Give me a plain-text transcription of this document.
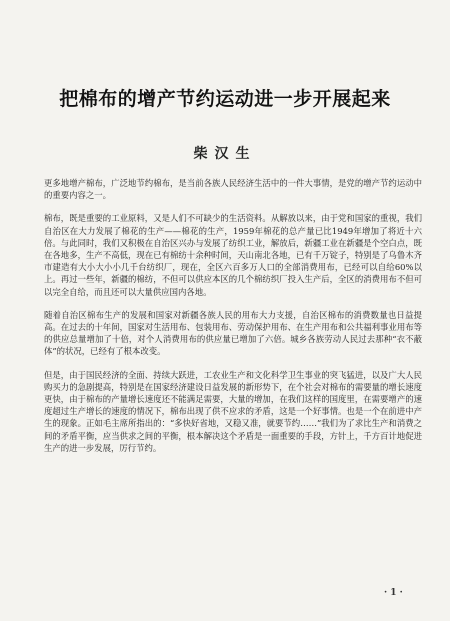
把棉布的增产节约运动进一步开展起来
柴汉生

更多地增产棉布，广泛地节约棉布，是当前各族人民经济生活中的一件大事情，是党的增产节约运动中的重要内容之一。

棉布，既是重要的工业原料，又是人们不可缺少的生活资料。从解放以来，由于党和国家的重视，我们自治区在大力发展了棉花的生产——棉花的生产，1959年棉花的总产量已比1949年增加了将近十六倍。与此同时，我们又积极在自治区兴办与发展了纺织工业，解放后，新疆工业在新疆是个空白点，既在各地多，生产不高低，现在已有棉纺十余种时间，天山南北各地，已有千万锭子，特别是了乌鲁木齐市建造有大小大小小几千台纺织厂，现在，全区六百多万人口的全部消费用布，已经可以自给60%以上。再过一些年，新疆的棉纺，不但可以供应本区的几个棉纺织厂投入生产后，全区的消费用布不但可以完全自给，而且还可以大量供应国内各地。

随着自治区棉布生产的发展和国家对新疆各族人民的用布大力支援，自治区棉布的消费数量也日益提高。在过去的十年间，国家对生活用布、包装用布、劳动保护用布、在生产用布和公共福利事业用布等的供应总量增加了十倍，对个人消费用布的供应量已增加了六倍。城乡各族劳动人民过去那种“衣不蔽体”的状况，已经有了根本改变。

但是，由于国民经济的全面、持续大跃进，工农业生产和文化科学卫生事业的突飞猛进，以及广大人民购买力的急剧提高，特别是在国家经济建设日益发展的新形势下，在个社会对棉布的需要量的增长速度更快，由于棉布的产量增长速度还不能满足需要，大量的增加，在我们这样的国度里，在需要增产的速度超过生产增长的速度的情况下，棉布出现了供不应求的矛盾，这是一个好事情。也是一个在前进中产生的现象。正如毛主席所指出的：“多快好省地，又稳又准，就要节约……”我们为了求比生产和消费之间的矛盾平衡，应当供求之间的平衡，根本解决这个矛盾是一面重要的手段，方针上，千方百计地促进生产的进一步发展，厉行节约。

· 1 ·
